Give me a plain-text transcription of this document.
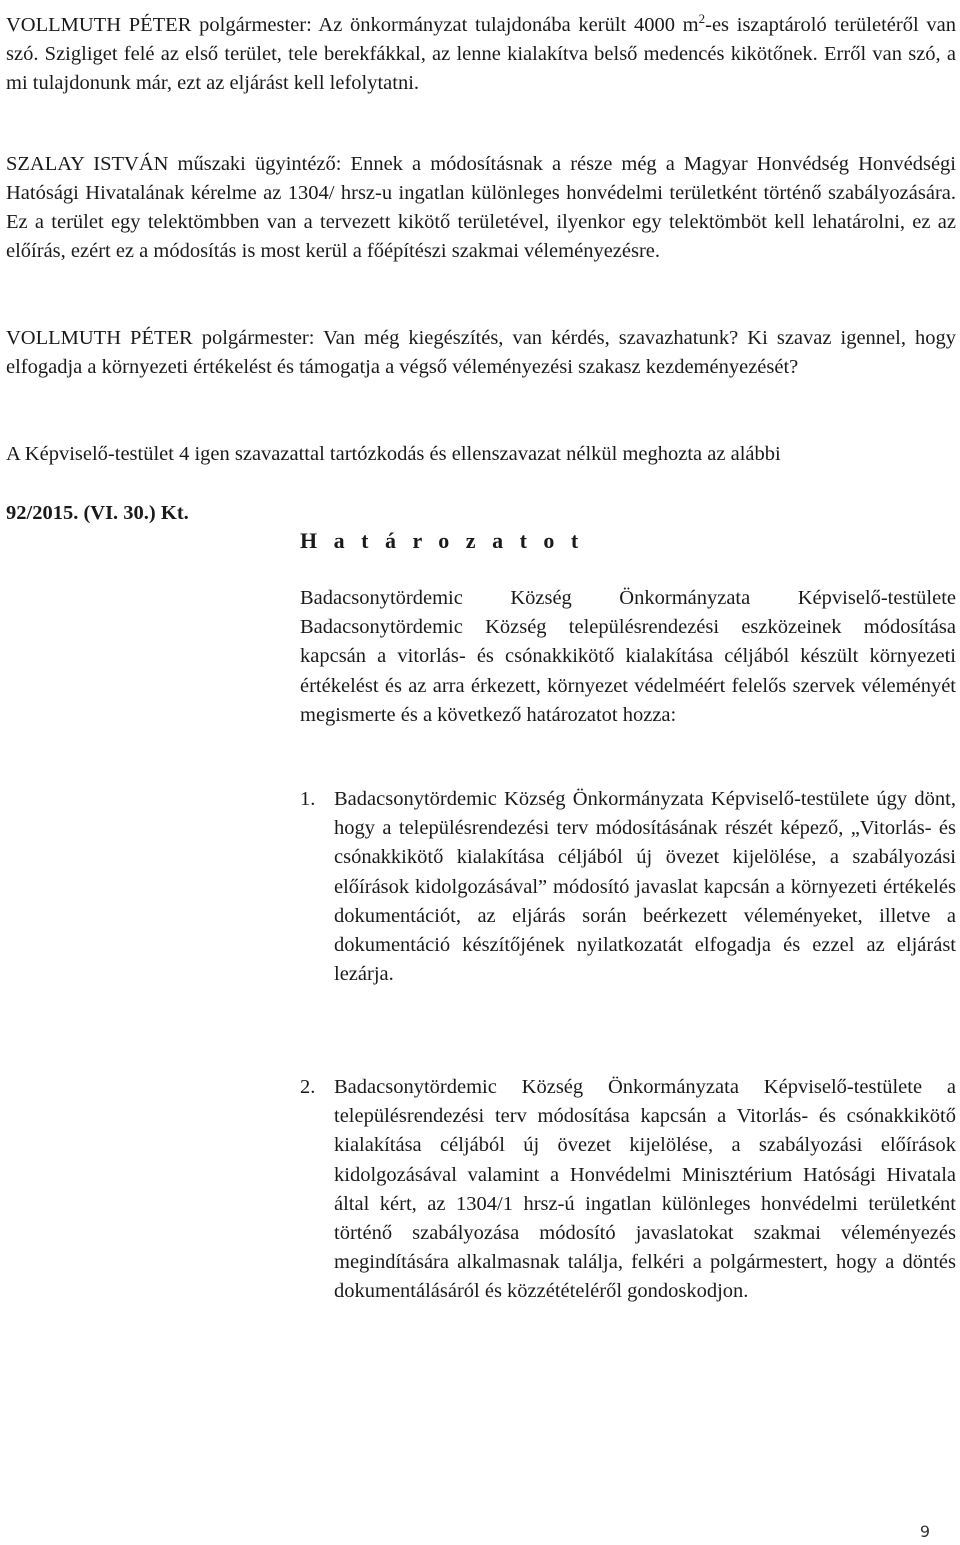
VOLLMUTH PÉTER polgármester: Az önkormányzat tulajdonába került 4000 $m^2-es$ iszaptároló területéről van szó. Szigliget felé az első terület, tele berekfákkal, az lenne kialakítva belső medencés kikötőnek. Erről van szó, a mi tulajdonunk már, ezt az eljárást kell lefolytatni.

SZALAY ISTVÁN műszaki ügyintéző: Ennek a módosításnak a része még a Magyar Honvédség Honvédségi Hatósági Hivatalának kérelme az 1304/ hrsz-u ingatlan különleges honvédelmi területként történő szabályozására. Ez a terület egy telektömbben van a tervezett kikötő területével, ilyenkor egy telektömböt kell lehatárolni, ez az előírás, ezért ez a módosítás is most kerül a főépítészi szakmai véleményezésre.

VOLLMUTH PÉTER polgármester: Van még kiegészítés, van kérdés, szavazhatunk? Ki szavaz igennel, hogy elfogadja a környezeti értékelést és támogatja a végső véleményezési szakasz kezdeményezését?

A Képviselő-testület 4 igen szavazattal tartózkodás és ellenszavazat nélkül meghozta az alábbi

92/2015. (VI. 30.) Kt.
H a t á r o z a t o t

Badacsonytördemic Község Önkormányzata Képviselő-testülete Badacsonytördemic Község településrendezési eszközeinek módosítása kapcsán a vitorlás- és csónakkikötő kialakítása céljából készült környezeti értékelést és az arra érkezett, környezet védelméért felelős szervek véleményét megismerte és a következő határozatot hozza:

1. Badacsonytördemic Község Önkormányzata Képviselő-testülete úgy dönt, hogy a településrendezési terv módosításának részét képező, „Vitorlás- és csónakkikötő kialakítása céljából új övezet kijelölése, a szabályozási előírások kidolgozásával” módosító javaslat kapcsán a környezeti értékelés dokumentációt, az eljárás során beérkezett véleményeket, illetve a dokumentáció készítőjének nyilatkozatát elfogadja és ezzel az eljárást lezárja.

2. Badacsonytördemic Község Önkormányzata Képviselő-testülete a településrendezési terv módosítása kapcsán a Vitorlás- és csónakkikötő kialakítása céljából új övezet kijelölése, a szabályozási előírások kidolgozásával valamint a Honvédelmi Minisztérium Hatósági Hivatala által kért, az 1304/1 hrsz-ú ingatlan különleges honvédelmi területként történő szabályozása módosító javaslatokat szakmai véleményezés megindítására alkalmasnak találja, felkéri a polgármestert, hogy a döntés dokumentálásáról és közzétételéről gondoskodjon.

9
